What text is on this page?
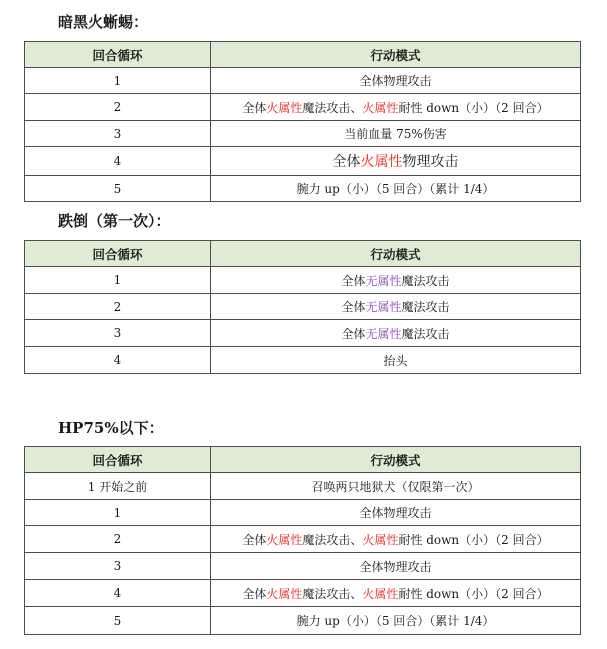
暗黑火蜥蜴：
回合循环	行动模式
1	全体物理攻击
2	全体火属性魔法攻击、火属性耐性 down（小）（2 回合）
3	当前血量 75%伤害
4	全体火属性物理攻击
5	腕力 up（小）（5 回合）（累计 1/4）
跌倒（第一次）：
回合循环	行动模式
1	全体无属性魔法攻击
2	全体无属性魔法攻击
3	全体无属性魔法攻击
4	抬头
HP75%以下：
回合循环	行动模式
1 开始之前	召唤两只地狱犬（仅限第一次）
1	全体物理攻击
2	全体火属性魔法攻击、火属性耐性 down（小）（2 回合）
3	全体物理攻击
4	全体火属性魔法攻击、火属性耐性 down（小）（2 回合）
5	腕力 up（小）（5 回合）（累计 1/4）
